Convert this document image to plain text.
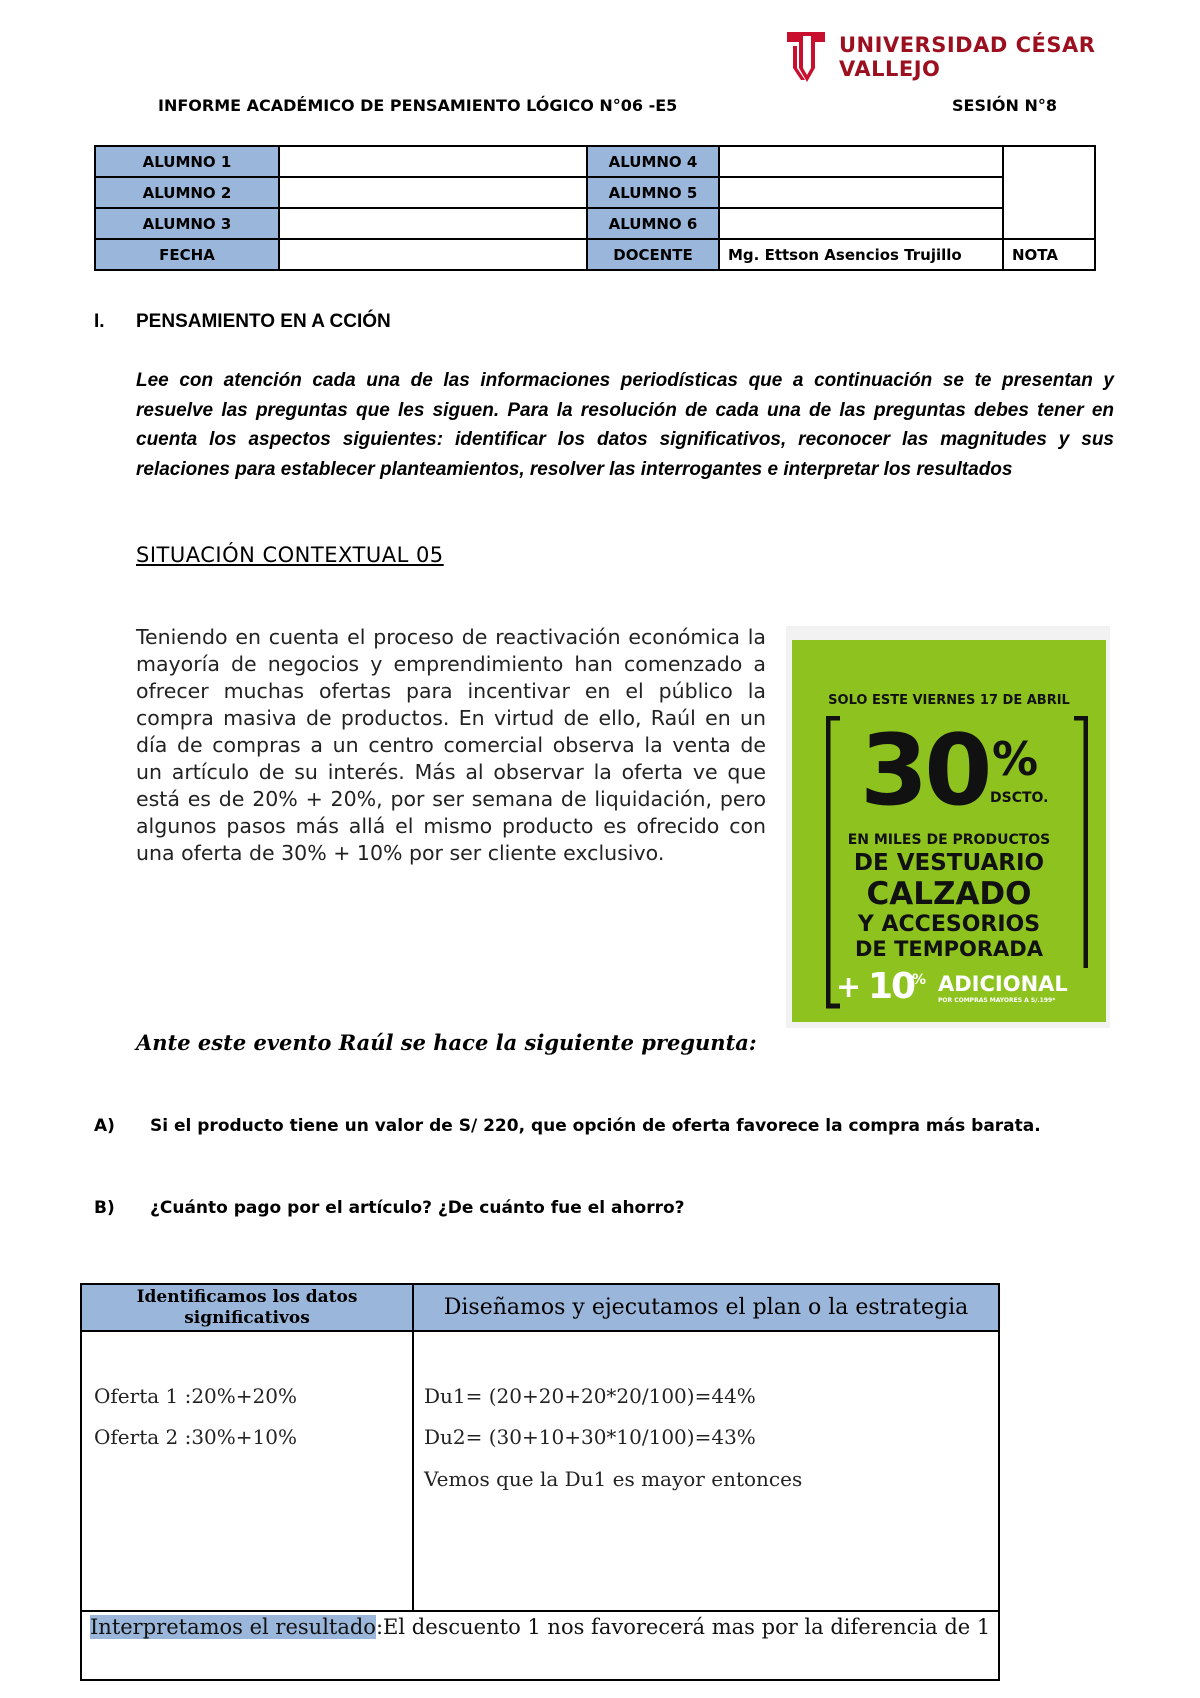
UNIVERSIDAD CÉSAR VALLEJO
INFORME ACADÉMICO DE PENSAMIENTO LÓGICO N°06 -E5	SESIÓN N°8
ALUMNO 1		ALUMNO 4		
ALUMNO 2		ALUMNO 5		
ALUMNO 3		ALUMNO 6		
FECHA		DOCENTE	Mg. Ettson Asencios Trujillo	NOTA
I. PENSAMIENTO EN A CCIÓN
Lee con atención cada una de las informaciones periodísticas que a continuación se te presentan y resuelve las preguntas que les siguen. Para la resolución de cada una de las preguntas debes tener en cuenta los aspectos siguientes: identificar los datos significativos, reconocer las magnitudes y sus relaciones para establecer planteamientos, resolver las interrogantes e interpretar los resultados
SITUACIÓN CONTEXTUAL 05
Teniendo en cuenta el proceso de reactivación económica la mayoría de negocios y emprendimiento han comenzado a ofrecer muchas ofertas para incentivar en el público la compra masiva de productos. En virtud de ello, Raúl en un día de compras a un centro comercial observa la venta de un artículo de su interés. Más al observar la oferta ve que está es de 20% + 20%, por ser semana de liquidación, pero algunos pasos más allá el mismo producto es ofrecido con una oferta de 30% + 10% por ser cliente exclusivo.
SOLO ESTE VIERNES 17 DE ABRIL
30 %
DSCTO.
EN MILES DE PRODUCTOS
DE VESTUARIO
CALZADO
Y ACCESORIOS
DE TEMPORADA
+ 10
% ADICIONAL
POR COMPRAS MAYORES A S/.199*
Ante este evento Raúl se hace la siguiente pregunta:
A) Si el producto tiene un valor de S/ 220, que opción de oferta favorece la compra más barata.
B) ¿Cuánto pago por el artículo? ¿De cuánto fue el ahorro?
Identificamos los datos significativos	Diseñamos y ejecutamos el plan o la estrategia
Oferta 1 :20%+20%
Oferta 2 :30%+10%
Du1= (20+20+20*20/100)=44%
Du2= (30+10+30*10/100)=43%
Vemos que la Du1 es mayor entonces
Interpretamos el resultado:El descuento 1 nos favorecerá mas por la diferencia de 1
